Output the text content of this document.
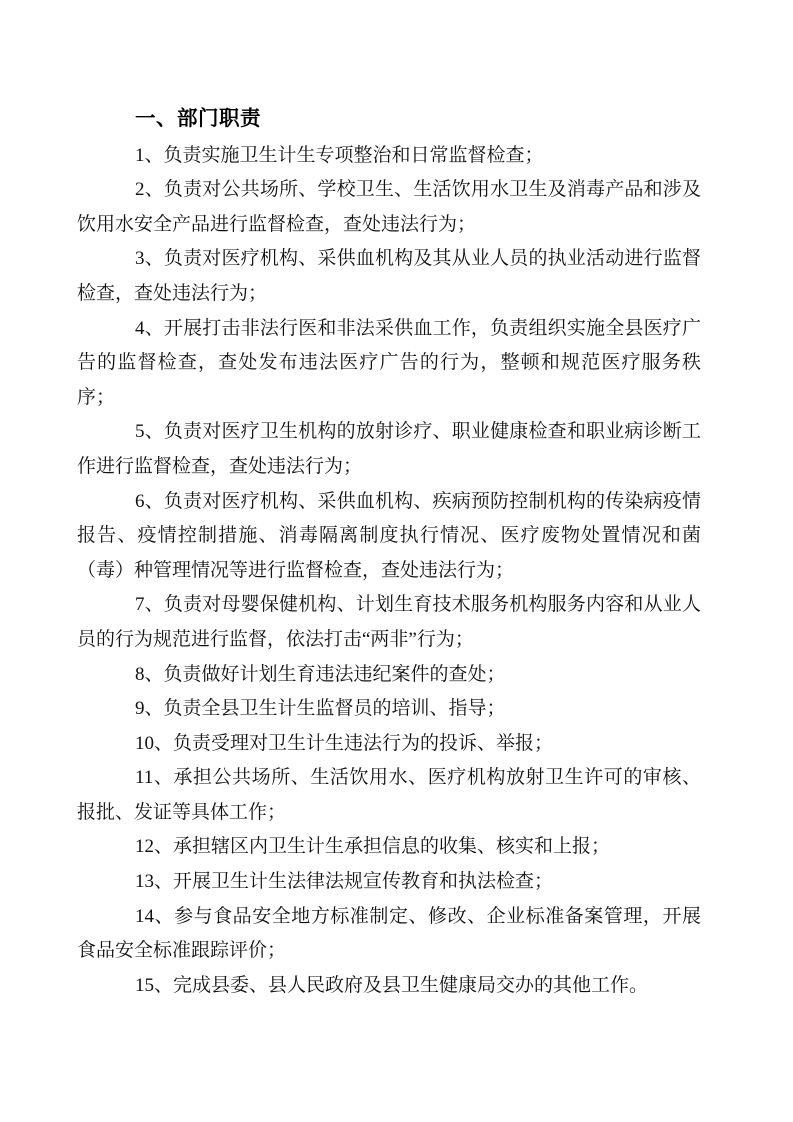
一、部门职责

1、负责实施卫生计生专项整治和日常监督检查；

2、负责对公共场所、学校卫生、生活饮用水卫生及消毒产品和涉及饮用水安全产品进行监督检查，查处违法行为；

3、负责对医疗机构、采供血机构及其从业人员的执业活动进行监督检查，查处违法行为；

4、开展打击非法行医和非法采供血工作，负责组织实施全县医疗广告的监督检查，查处发布违法医疗广告的行为，整顿和规范医疗服务秩序；

5、负责对医疗卫生机构的放射诊疗、职业健康检查和职业病诊断工作进行监督检查，查处违法行为；

6、负责对医疗机构、采供血机构、疾病预防控制机构的传染病疫情报告、疫情控制措施、消毒隔离制度执行情况、医疗废物处置情况和菌（毒）种管理情况等进行监督检查，查处违法行为；

7、负责对母婴保健机构、计划生育技术服务机构服务内容和从业人员的行为规范进行监督，依法打击“两非”行为；

8、负责做好计划生育违法违纪案件的查处；

9、负责全县卫生计生监督员的培训、指导；

10、负责受理对卫生计生违法行为的投诉、举报；

11、承担公共场所、生活饮用水、医疗机构放射卫生许可的审核、报批、发证等具体工作；

12、承担辖区内卫生计生承担信息的收集、核实和上报；

13、开展卫生计生法律法规宣传教育和执法检查；

14、参与食品安全地方标准制定、修改、企业标准备案管理，开展食品安全标准跟踪评价；

15、完成县委、县人民政府及县卫生健康局交办的其他工作。
